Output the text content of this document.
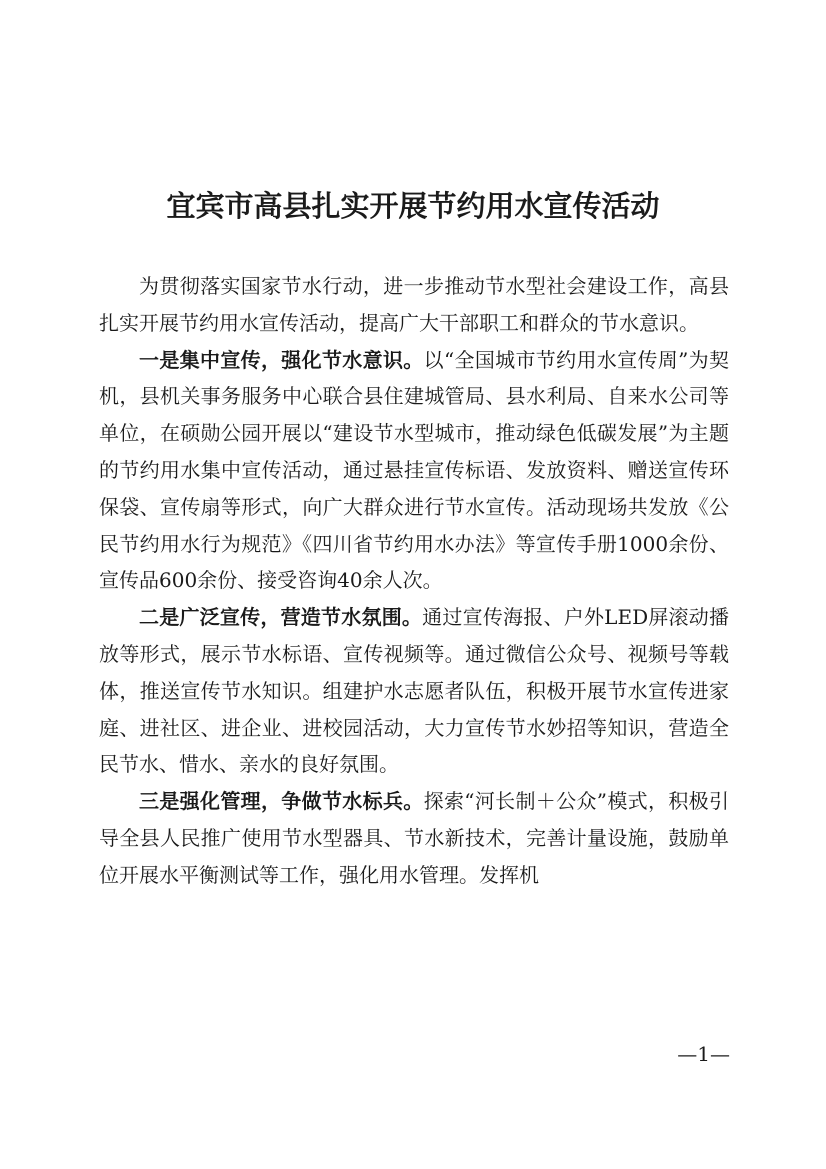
宜宾市高县扎实开展节约用水宣传活动

为贯彻落实国家节水行动，进一步推动节水型社会建设工作，高县扎实开展节约用水宣传活动，提高广大干部职工和群众的节水意识。

一是集中宣传，强化节水意识。以“全国城市节约用水宣传周”为契机，县机关事务服务中心联合县住建城管局、县水利局、自来水公司等单位，在硕勋公园开展以“建设节水型城市，推动绿色低碳发展”为主题的节约用水集中宣传活动，通过悬挂宣传标语、发放资料、赠送宣传环保袋、宣传扇等形式，向广大群众进行节水宣传。活动现场共发放《公民节约用水行为规范》《四川省节约用水办法》等宣传手册1000余份、宣传品600余份、接受咨询40余人次。

二是广泛宣传，营造节水氛围。通过宣传海报、户外LED屏滚动播放等形式，展示节水标语、宣传视频等。通过微信公众号、视频号等载体，推送宣传节水知识。组建护水志愿者队伍，积极开展节水宣传进家庭、进社区、进企业、进校园活动，大力宣传节水妙招等知识，营造全民节水、惜水、亲水的良好氛围。

三是强化管理，争做节水标兵。探索“河长制＋公众”模式，积极引导全县人民推广使用节水型器具、节水新技术，完善计量设施，鼓励单位开展水平衡测试等工作，强化用水管理。发挥机

—1—
